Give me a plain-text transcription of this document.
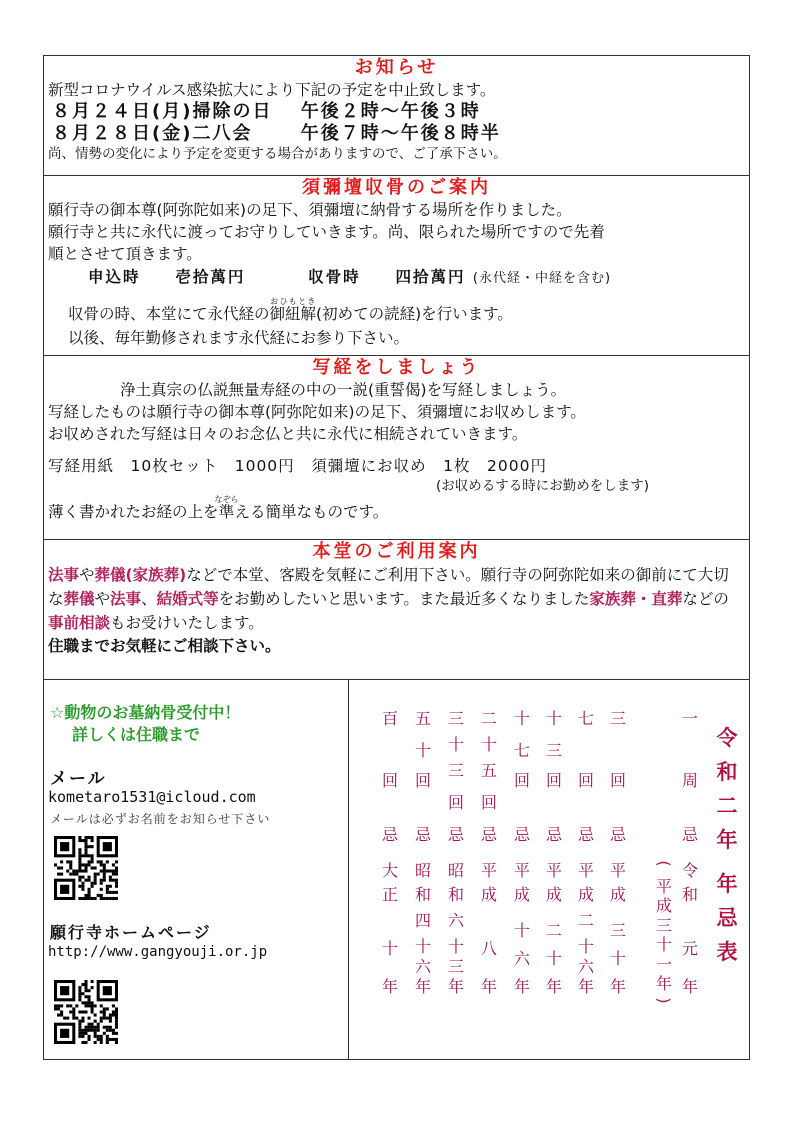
お知らせ
新型コロナウイルス感染拡大により下記の予定を中止致します。
８月２４日(月)掃除の日　 午後２時～午後３時
８月２８日(金)二八会　　 午後７時～午後８時半
尚、情勢の変化により予定を変更する場合がありますので、ご了承下さい。
須彌壇収骨のご案内
願行寺の御本尊(阿弥陀如来)の足下、須彌壇に納骨する場所を作りました。
願行寺と共に永代に渡ってお守りしていきます。尚、限られた場所ですので先着
順とさせて頂きます。
申込時 壱拾萬円	収骨時 四拾萬円 (永代経・中経を含む)
収骨の時、本堂にて永代経の御紐解おひもとき(初めての読経)を行います。
以後、毎年勤修されます永代経にお参り下さい。
写経をしましょう
浄土真宗の仏説無量寿経の中の一説(重誓偈)を写経しましょう。
写経したものは願行寺の御本尊(阿弥陀如来)の足下、須彌壇にお収めします。
お収めされた写経は日々のお念仏と共に永代に相続されていきます。
写経用紙　10枚セット　1000円　須彌壇にお収め　1枚　2000円
(お収めるする時にお勤めをします)
薄く書かれたお経の上を準なぞらえる簡単なものです。
本堂のご利用案内
法事や葬儀(家族葬)などで本堂、客殿を気軽にご利用下さい。願行寺の阿弥陀如来の御前にて大切な葬儀や法事、結婚式等をお勤めしたいと思います。また最近多くなりました家族葬・直葬などの事前相談もお受けいたします。
住職までお気軽にご相談下さい。
☆動物のお墓納骨受付中！
詳しくは住職まで
メール
kometaro1531@icloud.com
メールは必ずお名前をお知らせ下さい
願行寺ホームページ
http://www.gangyouji.or.jp
百
回
忌
大
正
十
年
五
十
回
忌
昭
和
四
十
六
年
三
十
三
回
忌
昭
和
六
十
三
年
二
十
五
回
忌
平
成
八
年
十
七
回
忌
平
成
十
六
年
十
三
回
忌
平
成
二
十
年
七
回
忌
平
成
二
十
六
年
三
回
忌
平
成
三
十
年
一
周
忌
令
和
元
年
(
平
成
三
十
一
年
)
令
和
二
年
年
忌
表
